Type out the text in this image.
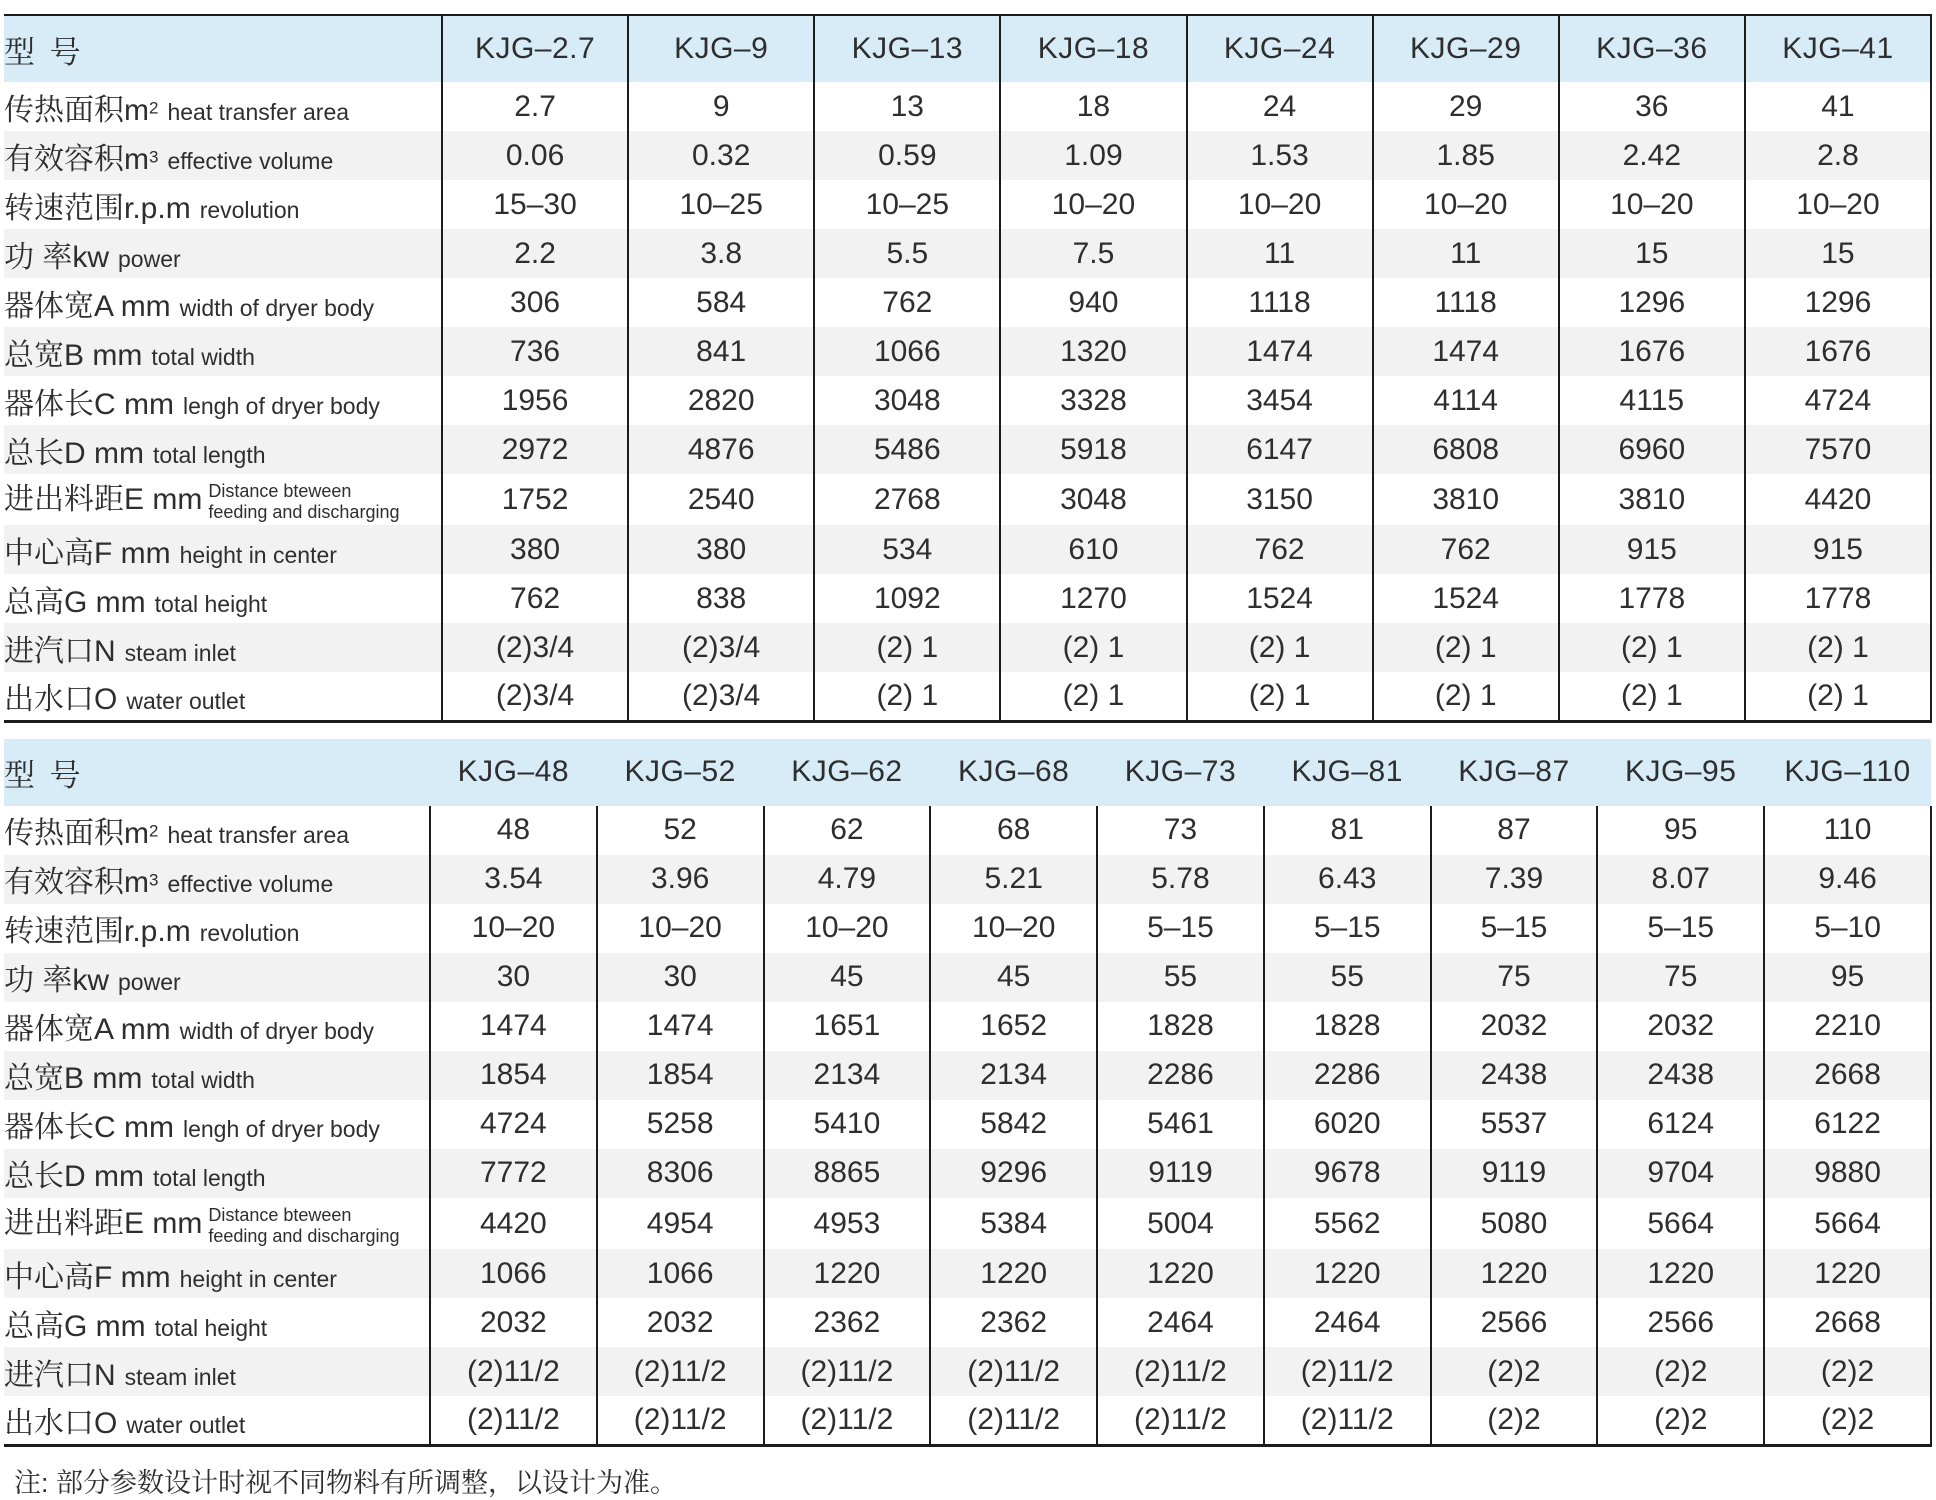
型 号	KJG–2.7	KJG–9	KJG–13	KJG–18	KJG–24	KJG–29	KJG–36	KJG–41
传热面积$m^2$ heat transfer area	2.7	9	13	18	24	29	36	41
有效容积$m^3$ effective volume	0.06	0.32	0.59	1.09	1.53	1.85	2.42	2.8
转速范围r.p.m revolution	15–30	10–25	10–25	10–20	10–20	10–20	10–20	10–20
功 率kw power	2.2	3.8	5.5	7.5	11	11	15	15
器体宽A mm width of dryer body	306	584	762	940	1118	1118	1296	1296
总宽B mm total width	736	841	1066	1320	1474	1474	1676	1676
器体长C mm lengh of dryer body	1956	2820	3048	3328	3454	4114	4115	4724
总长D mm total length	2972	4876	5486	5918	6147	6808	6960	7570
进出料距E mm Distance bteween
feeding and discharging	1752	2540	2768	3048	3150	3810	3810	4420
中心高F mm height in center	380	380	534	610	762	762	915	915
总高G mm total height	762	838	1092	1270	1524	1524	1778	1778
进汽口N steam inlet	(2)3/4	(2)3/4	(2) 1	(2) 1	(2) 1	(2) 1	(2) 1	(2) 1
出水口O water outlet	(2)3/4	(2)3/4	(2) 1	(2) 1	(2) 1	(2) 1	(2) 1	(2) 1
型 号	KJG–48	KJG–52	KJG–62	KJG–68	KJG–73	KJG–81	KJG–87	KJG–95	KJG–110
传热面积$m^2$ heat transfer area	48	52	62	68	73	81	87	95	110
有效容积$m^3$ effective volume	3.54	3.96	4.79	5.21	5.78	6.43	7.39	8.07	9.46
转速范围r.p.m revolution	10–20	10–20	10–20	10–20	5–15	5–15	5–15	5–15	5–10
功 率kw power	30	30	45	45	55	55	75	75	95
器体宽A mm width of dryer body	1474	1474	1651	1652	1828	1828	2032	2032	2210
总宽B mm total width	1854	1854	2134	2134	2286	2286	2438	2438	2668
器体长C mm lengh of dryer body	4724	5258	5410	5842	5461	6020	5537	6124	6122
总长D mm total length	7772	8306	8865	9296	9119	9678	9119	9704	9880
进出料距E mm Distance bteween
feeding and discharging	4420	4954	4953	5384	5004	5562	5080	5664	5664
中心高F mm height in center	1066	1066	1220	1220	1220	1220	1220	1220	1220
总高G mm total height	2032	2032	2362	2362	2464	2464	2566	2566	2668
进汽口N steam inlet	(2)11/2	(2)11/2	(2)11/2	(2)11/2	(2)11/2	(2)11/2	(2)2	(2)2	(2)2
出水口O water outlet	(2)11/2	(2)11/2	(2)11/2	(2)11/2	(2)11/2	(2)11/2	(2)2	(2)2	(2)2
注: 部分参数设计时视不同物料有所调整，以设计为准。
